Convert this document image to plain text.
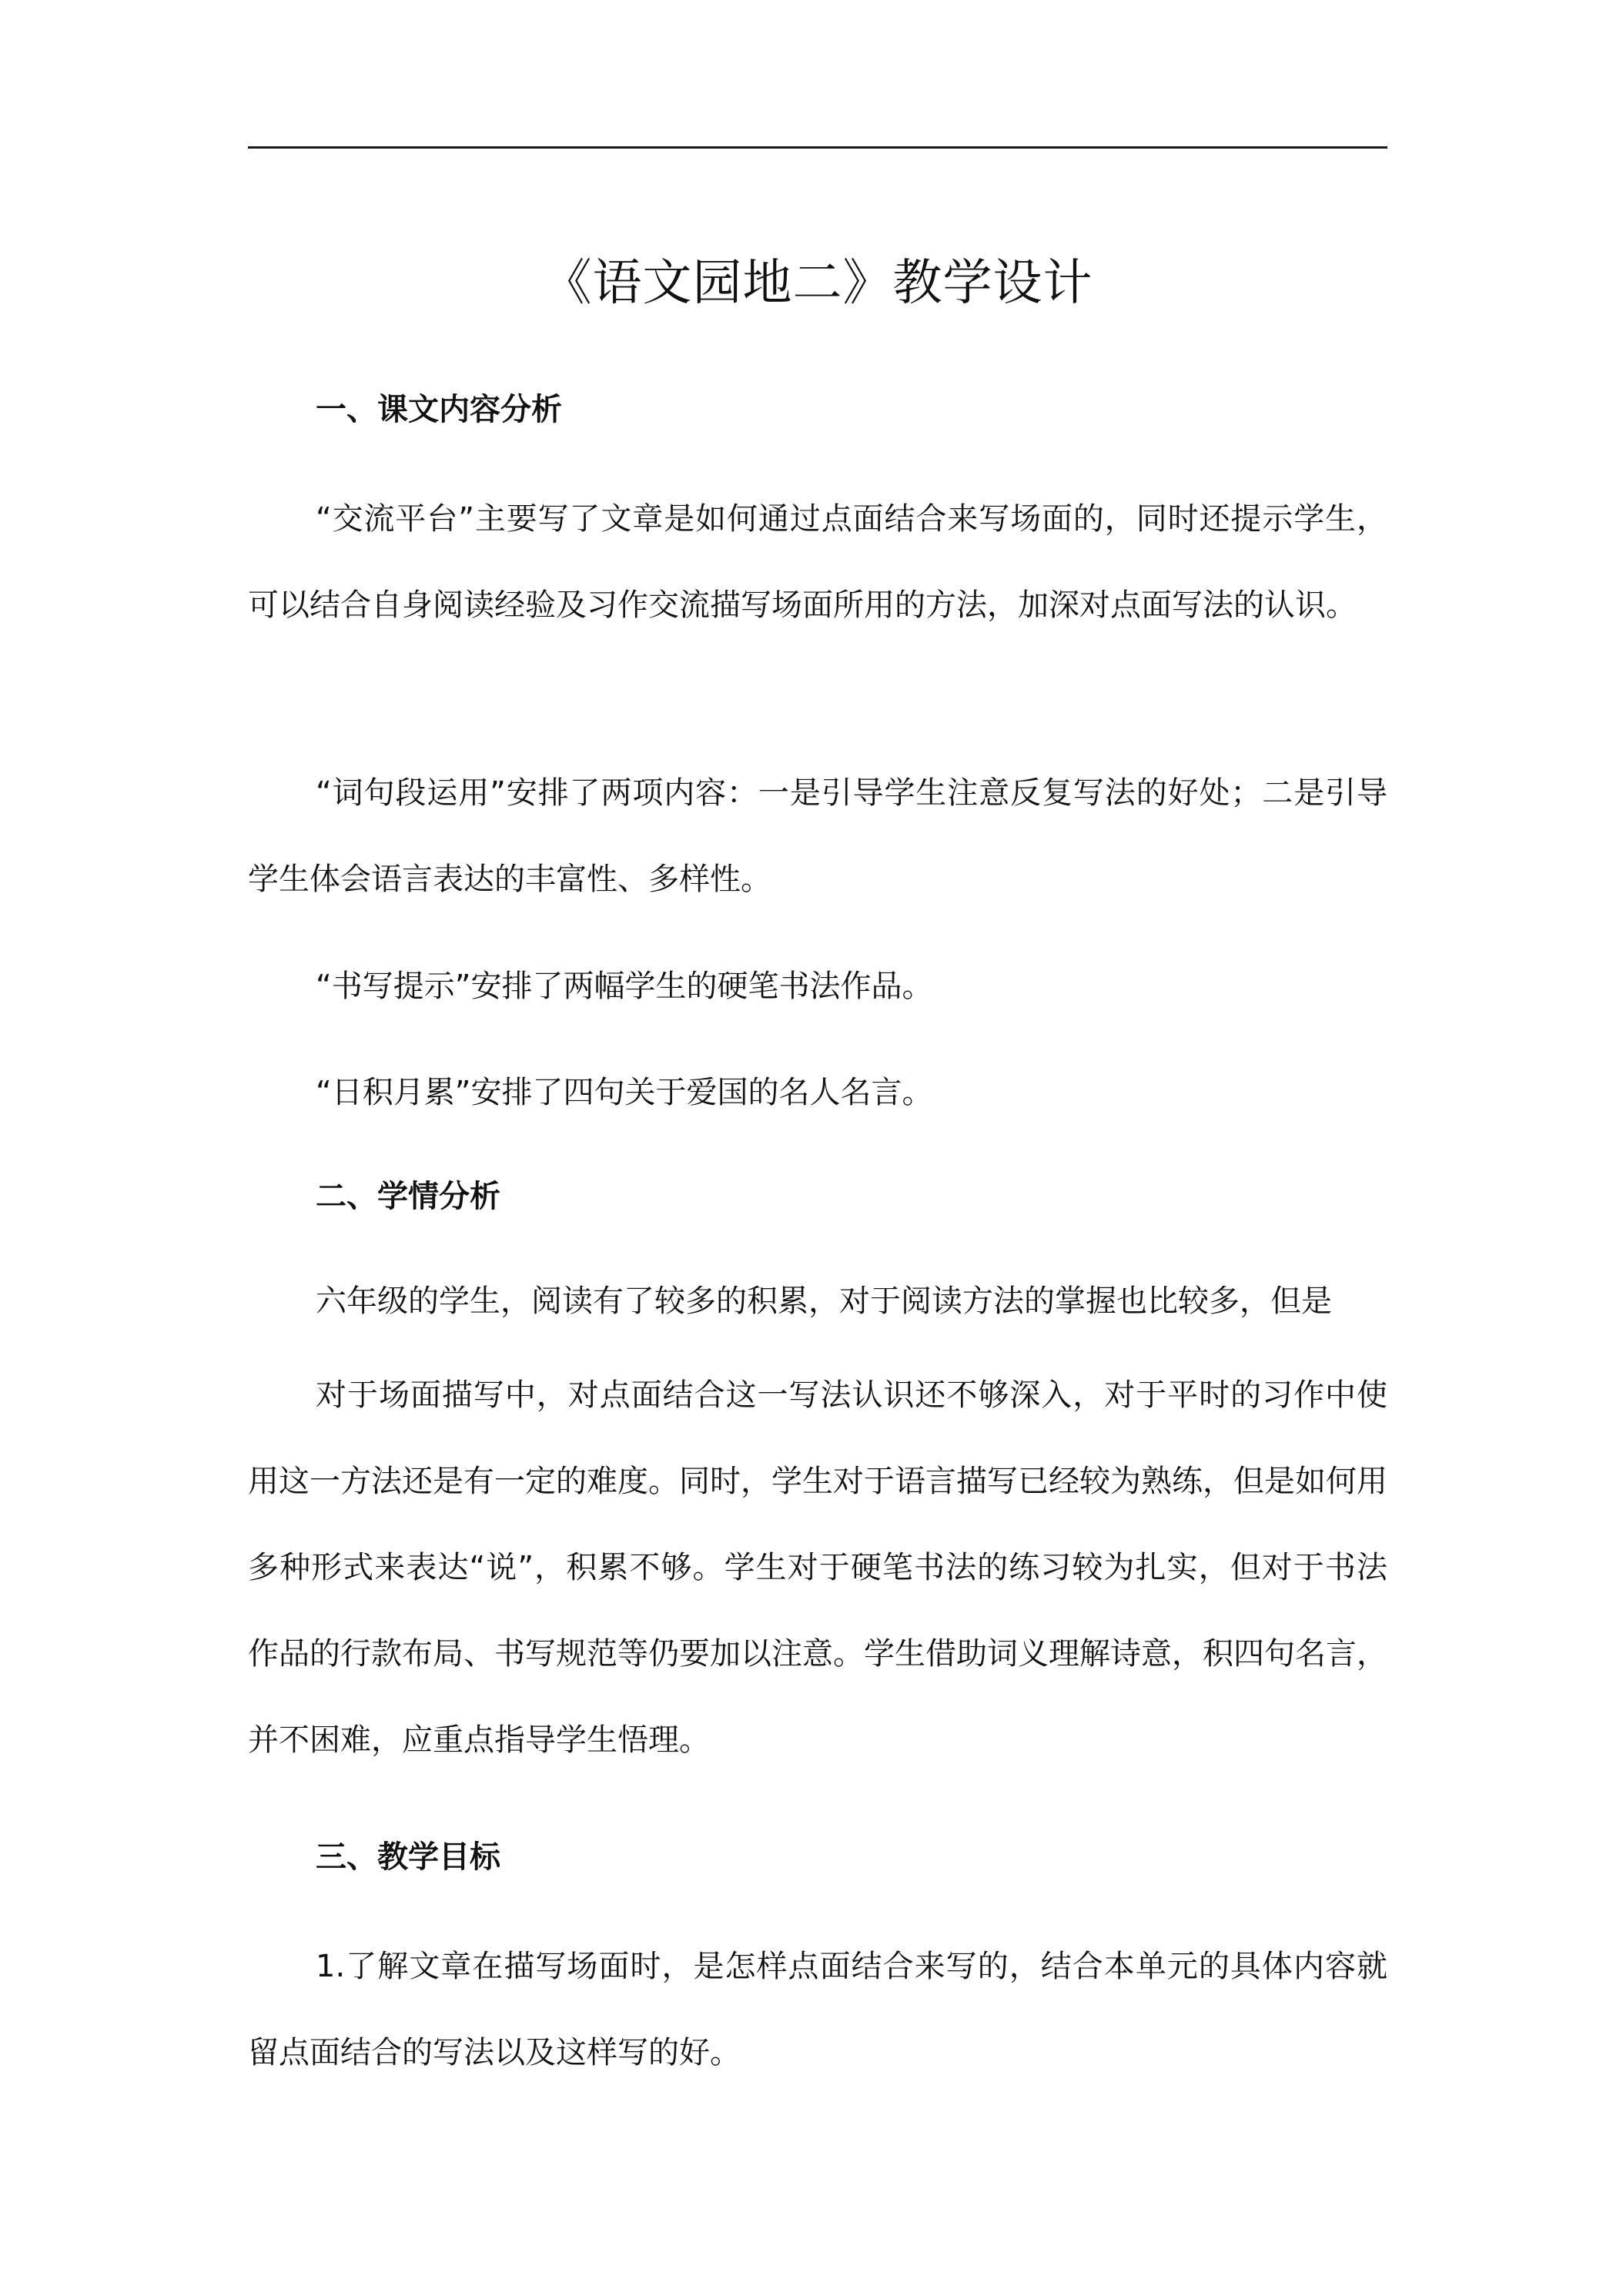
《语文园地二》教学设计
一、课文内容分析

“交流平台”主要写了文章是如何通过点面结合来写场面的，同时还提示学生，可以结合自身阅读经验及习作交流描写场面所用的方法，加深对点面写法的认识。

“词句段运用”安排了两项内容：一是引导学生注意反复写法的好处；二是引导学生体会语言表达的丰富性、多样性。

“书写提示”安排了两幅学生的硬笔书法作品。

“日积月累”安排了四句关于爱国的名人名言。

二、学情分析

六年级的学生，阅读有了较多的积累，对于阅读方法的掌握也比较多，但是

对于场面描写中，对点面结合这一写法认识还不够深入，对于平时的习作中使用这一方法还是有一定的难度。同时，学生对于语言描写已经较为熟练，但是如何用多种形式来表达“说”，积累不够。学生对于硬笔书法的练习较为扎实，但对于书法作品的行款布局、书写规范等仍要加以注意。学生借助词义理解诗意，积四句名言，并不困难，应重点指导学生悟理。

三、教学目标

1.了解文章在描写场面时，是怎样点面结合来写的，结合本单元的具体内容就留点面结合的写法以及这样写的好。
